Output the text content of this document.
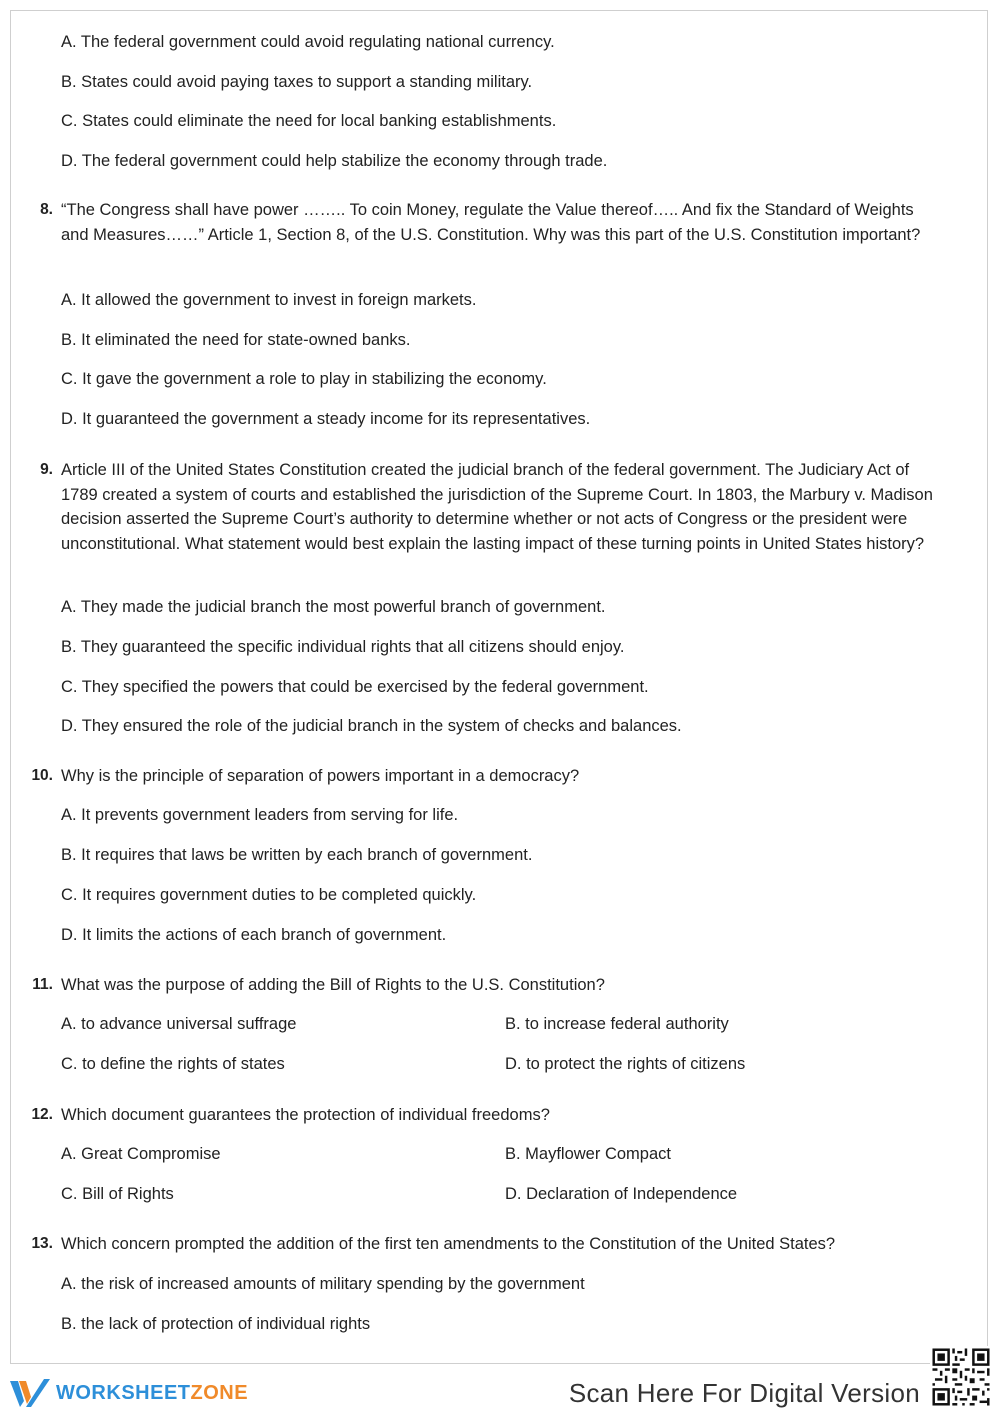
A. The federal government could avoid regulating national currency.
B. States could avoid paying taxes to support a standing military.
C. States could eliminate the need for local banking establishments.
D. The federal government could help stabilize the economy through trade.
8. “The Congress shall have power …….. To coin Money, regulate the Value thereof….. And fix the Standard of Weights and Measures……” Article 1, Section 8, of the U.S. Constitution. Why was this part of the U.S. Constitution important?
A. It allowed the government to invest in foreign markets.
B. It eliminated the need for state-owned banks.
C. It gave the government a role to play in stabilizing the economy.
D. It guaranteed the government a steady income for its representatives.
9. Article III of the United States Constitution created the judicial branch of the federal government. The Judiciary Act of 1789 created a system of courts and established the jurisdiction of the Supreme Court. In 1803, the Marbury v. Madison decision asserted the Supreme Court’s authority to determine whether or not acts of Congress or the president were unconstitutional. What statement would best explain the lasting impact of these turning points in United States history?
A. They made the judicial branch the most powerful branch of government.
B. They guaranteed the specific individual rights that all citizens should enjoy.
C. They specified the powers that could be exercised by the federal government.
D. They ensured the role of the judicial branch in the system of checks and balances.
10. Why is the principle of separation of powers important in a democracy?
A. It prevents government leaders from serving for life.
B. It requires that laws be written by each branch of government.
C. It requires government duties to be completed quickly.
D. It limits the actions of each branch of government.
11. What was the purpose of adding the Bill of Rights to the U.S. Constitution?
A. to advance universal suffrage	B. to increase federal authority
C. to define the rights of states	D. to protect the rights of citizens
12. Which document guarantees the protection of individual freedoms?
A. Great Compromise	B. Mayflower Compact
C. Bill of Rights	D. Declaration of Independence
13. Which concern prompted the addition of the first ten amendments to the Constitution of the United States?
A. the risk of increased amounts of military spending by the government
B. the lack of protection of individual rights
WORKSHEETZONE	Scan Here For Digital Version
